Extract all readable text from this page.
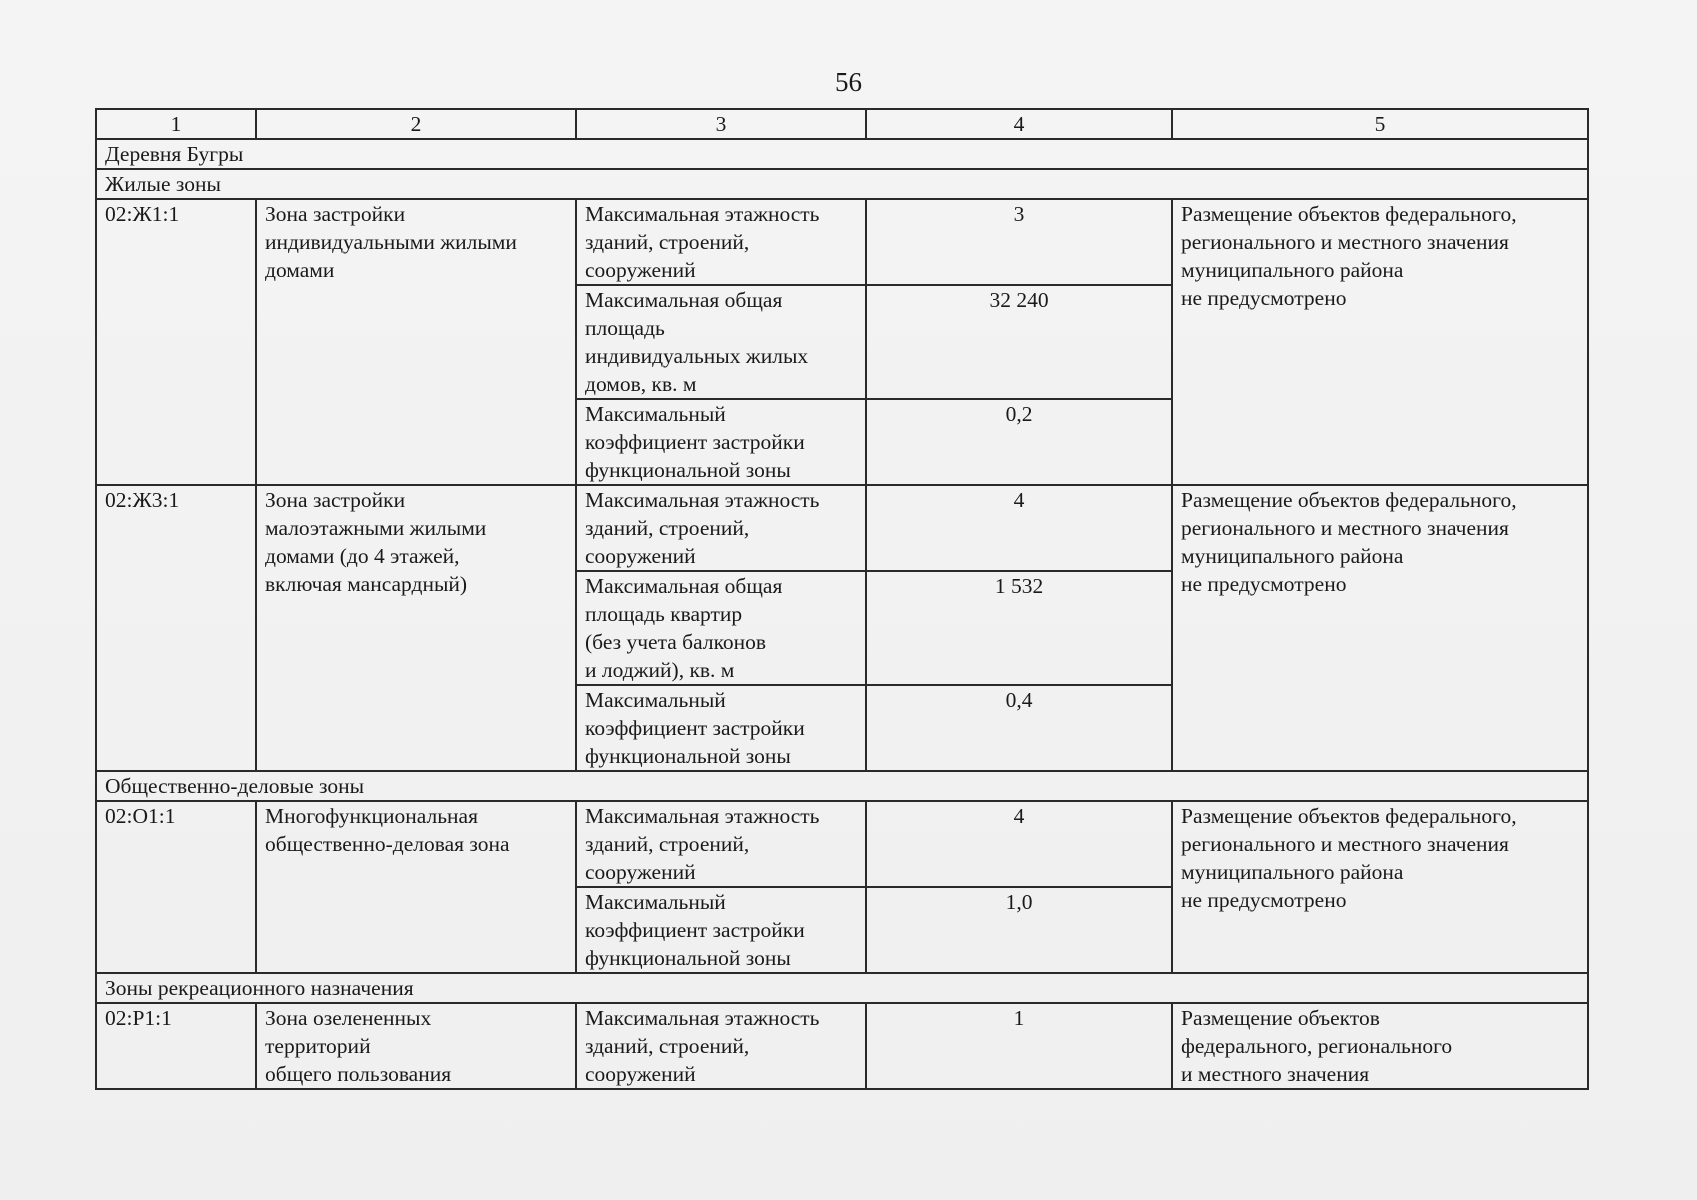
56
1	2	3	4	5
Деревня Бугры				
Жилые зоны				
02:Ж1:1	Зона застройки
индивидуальными жилыми
домами	Максимальная этажность
зданий, строений,
сооружений	3	Размещение объектов федерального,
регионального и местного значения
муниципального района
не предусмотрено
		Максимальная общая
площадь
индивидуальных жилых
домов, кв. м	32 240	
		Максимальный
коэффициент застройки
функциональной зоны	0,2	
02:Ж3:1	Зона застройки
малоэтажными жилыми
домами (до 4 этажей,
включая мансардный)	Максимальная этажность
зданий, строений,
сооружений	4	Размещение объектов федерального,
регионального и местного значения
муниципального района
не предусмотрено
		Максимальная общая
площадь квартир
(без учета балконов
и лоджий), кв. м	1 532	
		Максимальный
коэффициент застройки
функциональной зоны	0,4	
Общественно-деловые зоны				
02:О1:1	Многофункциональная
общественно-деловая зона	Максимальная этажность
зданий, строений,
сооружений	4	Размещение объектов федерального,
регионального и местного значения
муниципального района
не предусмотрено
		Максимальный
коэффициент застройки
функциональной зоны	1,0	
Зоны рекреационного назначения				
02:Р1:1	Зона озелененных
территорий
общего пользования	Максимальная этажность
зданий, строений,
сооружений	1	Размещение объектов
федерального, регионального
и местного значения
